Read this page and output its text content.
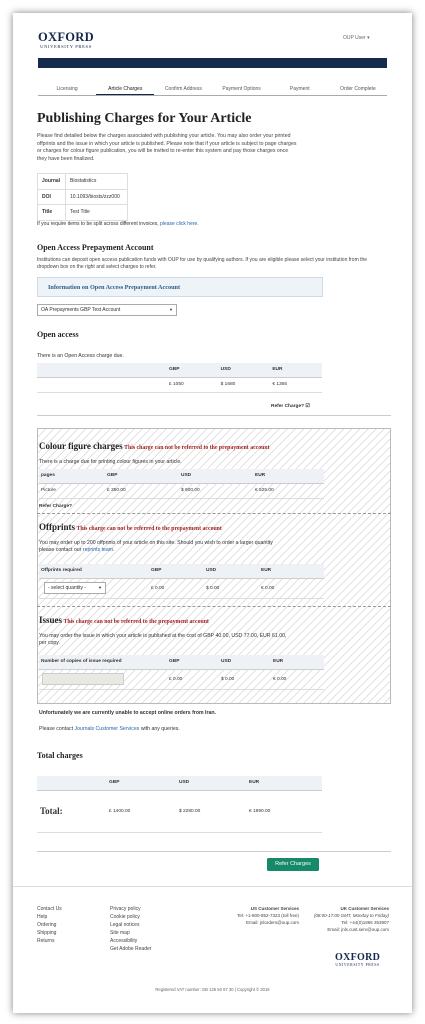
OXFORD
UNIVERSITY PRESS
OUP User ▾
Licensing	Article Charges	Confirm Address	Payment Options	Payment	Order Complete
Publishing Charges for Your Article

Please find detailed below the charges associated with publishing your article. You may also order your printed offprints and the issue in which your article is published. Please note that if your article is subject to page charges or charges for colour figure publication, you will be invited to re-enter this system and pay those charges once they have been finalized.

Journal	Biostatistics
DOI	10.1093/biosts/zzz000
Title	Test Title
If you require items to be split across different invoices, please click here.
Open Access Prepayment Account

Institutions can deposit open access publication funds with OUP for use by qualifying authors. If you are eligible please select your institution from the dropdown box on the right and select charges to refer.

Information on Open Access Prepayment Account
OA Prepayments GBP Test Account	▼
Open access
There is an Open Access charge due.
	GBP	USD	EUR
	£ 1050	$ 1680	€ 1365
Refer Charge? ☑
Colour figure charges This charge can not be referred to the prepayment account
There is a charge due for printing colour figures in your article.
pages	GBP	USD	EUR
Picture	£ 350.00	$ 600.00	€ 525.00
Refer Charge?
Offprints This charge can not be referred to the prepayment account
You may order up to 200 offprints of your article on this site. Should you wish to order a larger quantity please contact our reprints team.
Offprints required	GBP	USD	EUR
	£ 0.00	$ 0.00	€ 0.00
- select quantity -	▼
Issues This charge can not be referred to the prepayment account
You may order the issue in which your article is published at the cost of GBP 40.00, USD 77.00, EUR 61.00, per copy.
Number of copies of issue required	GBP	USD	EUR
	£ 0.00	$ 0.00	€ 0.00
Unfortunately we are currently unable to accept online orders from Iran.
Please contact Journals Customer Services with any queries.
Total charges
	GBP	USD	EUR
Total:	£ 1400.00	$ 2280.00	€ 1890.00
Refer Charges
Contact Us
Help
Ordering
Shipping
Returns
Privacy policy
Cookie policy
Legal notices
Site map
Accessibility
Get Adobe Reader
US Customer Services
Tel: +1-800-852-7323 (toll free)
Email: jnlorders@oup.com
UK Customer Services
(08:00-17:00 GMT, Monday to Friday)
Tel: +44(0)1865 353907
Email: jnls.cust.serv@oup.com
OXFORD
UNIVERSITY PRESS
Registered VAT number: GB 125 50 67 30 | Copyright © 2016
